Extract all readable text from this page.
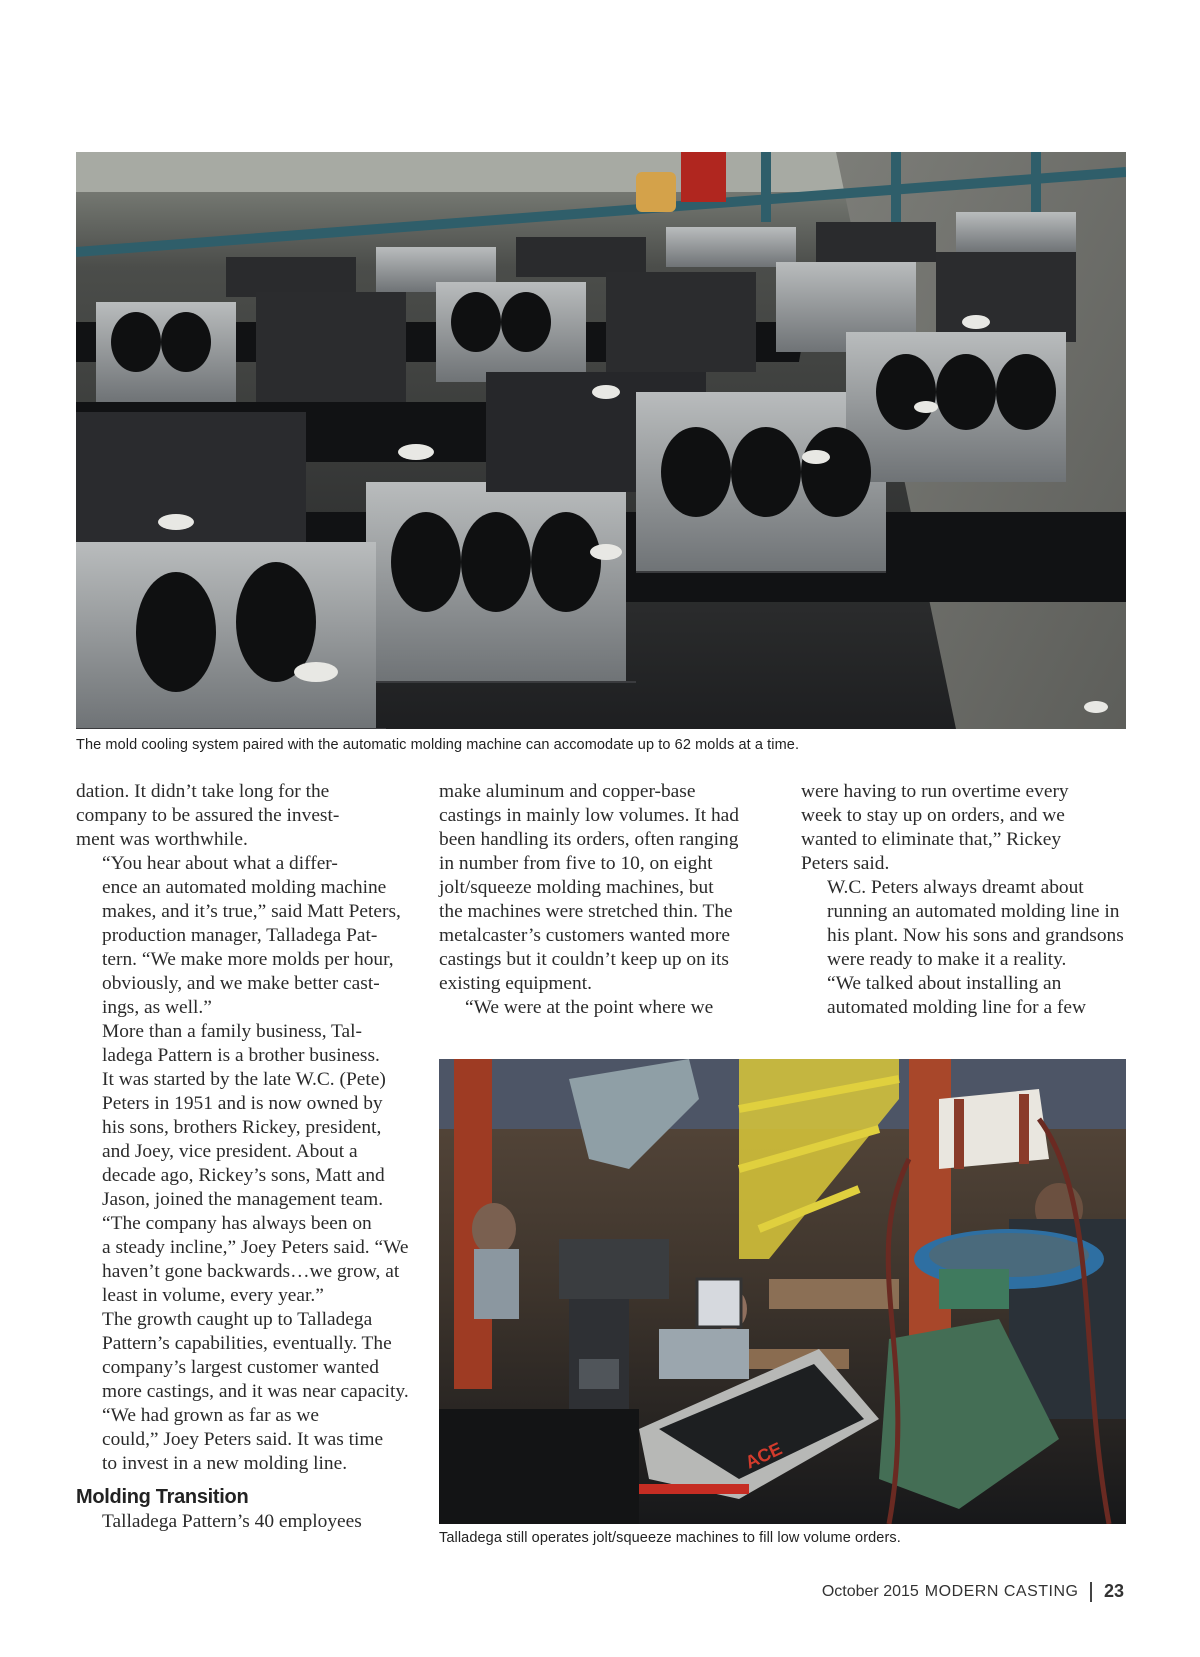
The mold cooling system paired with the automatic molding machine can accomodate up to 62 molds at a time.

dation. It didn’t take long for the
company to be assured the invest-
ment was worthwhile.

“You hear about what a differ-
ence an automated molding machine
makes, and it’s true,” said Matt Peters,
production manager, Talladega Pat-
tern. “We make more molds per hour,
obviously, and we make better cast-
ings, as well.”

More than a family business, Tal-
ladega Pattern is a brother business.
It was started by the late W.C. (Pete)
Peters in 1951 and is now owned by
his sons, brothers Rickey, president,
and Joey, vice president. About a
decade ago, Rickey’s sons, Matt and
Jason, joined the management team.

“The company has always been on
a steady incline,” Joey Peters said. “We
haven’t gone backwards…we grow, at
least in volume, every year.”

The growth caught up to Talladega
Pattern’s capabilities, eventually. The
company’s largest customer wanted
more castings, and it was near capacity.

“We had grown as far as we
could,” Joey Peters said. It was time
to invest in a new molding line.

Molding Transition

Talladega Pattern’s 40 employees

make aluminum and copper-base
castings in mainly low volumes. It had
been handling its orders, often ranging
in number from five to 10, on eight
jolt/squeeze molding machines, but
the machines were stretched thin. The
metalcaster’s customers wanted more
castings but it couldn’t keep up on its
existing equipment.

“We were at the point where we

were having to run overtime every
week to stay up on orders, and we
wanted to eliminate that,” Rickey
Peters said.

W.C. Peters always dreamt about
running an automated molding line in
his plant. Now his sons and grandsons
were ready to make it a reality.

“We talked about installing an
automated molding line for a few

ACE
Talladega still operates jolt/squeeze machines to fill low volume orders.
October 2015 MODERN CASTING 23
